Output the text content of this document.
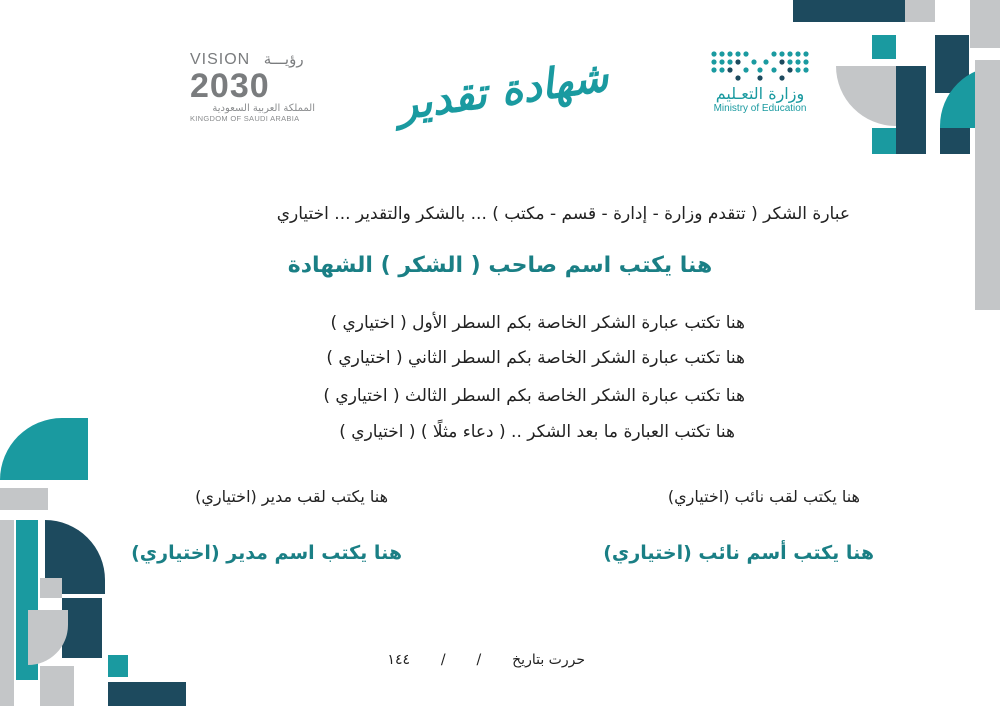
VISION رؤيـــة
2030
المملكة العربية السعودية
KINGDOM OF SAUDI ARABIA	شهادة تقدير	وزارة التعـليم
Ministry of Education
عبارة الشكر ( تتقدم وزارة - إدارة - قسم - مكتب ) ... بالشكر والتقدير ... اختياري
هنا يكتب اسم صاحب ( الشكر ) الشهادة
هنا تكتب عبارة الشكر الخاصة بكم السطر الأول ( اختياري )
هنا تكتب عبارة الشكر الخاصة بكم السطر الثاني ( اختياري )
هنا تكتب عبارة الشكر الخاصة بكم السطر الثالث ( اختياري )
هنا تكتب العبارة ما بعد الشكر .. ( دعاء مثلًا ) ( اختياري )
هنا يكتب لقب نائب (اختياري)
هنا يكتب لقب مدير (اختياري)
هنا يكتب أسم نائب (اختياري)
هنا يكتب اسم مدير (اختياري)
حررت بتاريخ  /  /  ١٤٤
